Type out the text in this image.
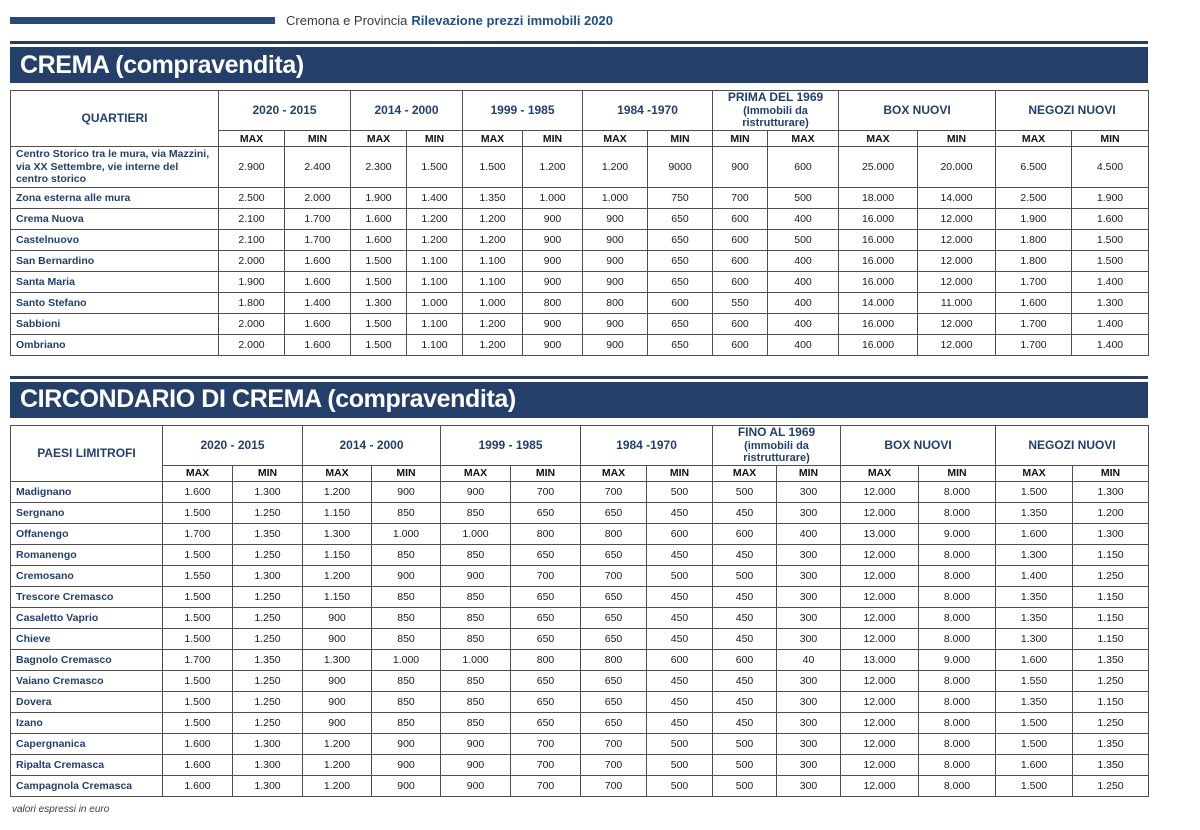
Cremona e Provincia Rilevazione prezzi immobili 2020
CREMA (compravendita)
QUARTIERI	2020 - 2015		2014 - 2000		1999 - 1985		1984 -1970		PRIMA DEL 1969
(Immobili da ristrutturare)		BOX NUOVI		NEGOZI NUOVI	
	MAX	MIN	MAX	MIN	MAX	MIN	MAX	MIN	MIN	MAX	MAX	MIN	MAX	MIN
Centro Storico tra le mura, via Mazzini, via XX Settembre, vie interne del centro storico	2.900	2.400	2.300	1.500	1.500	1.200	1.200	9000	900	600	25.000	20.000	6.500	4.500
Zona esterna alle mura	2.500	2.000	1.900	1.400	1.350	1.000	1.000	750	700	500	18.000	14.000	2.500	1.900
Crema Nuova	2.100	1.700	1.600	1.200	1.200	900	900	650	600	400	16.000	12.000	1.900	1.600
Castelnuovo	2.100	1.700	1.600	1.200	1.200	900	900	650	600	500	16.000	12.000	1.800	1.500
San Bernardino	2.000	1.600	1.500	1.100	1.100	900	900	650	600	400	16.000	12.000	1.800	1.500
Santa Maria	1.900	1.600	1.500	1.100	1.100	900	900	650	600	400	16.000	12.000	1.700	1.400
Santo Stefano	1.800	1.400	1.300	1.000	1.000	800	800	600	550	400	14.000	11.000	1.600	1.300
Sabbioni	2.000	1.600	1.500	1.100	1.200	900	900	650	600	400	16.000	12.000	1.700	1.400
Ombriano	2.000	1.600	1.500	1.100	1.200	900	900	650	600	400	16.000	12.000	1.700	1.400
CIRCONDARIO DI CREMA (compravendita)
PAESI LIMITROFI	2020 - 2015		2014 - 2000		1999 - 1985		1984 -1970		FINO AL 1969
(immobili da ristrutturare)		BOX NUOVI		NEGOZI NUOVI	
	MAX	MIN	MAX	MIN	MAX	MIN	MAX	MIN	MAX	MIN	MAX	MIN	MAX	MIN
Madignano	1.600	1.300	1.200	900	900	700	700	500	500	300	12.000	8.000	1.500	1.300
Sergnano	1.500	1.250	1.150	850	850	650	650	450	450	300	12.000	8.000	1.350	1.200
Offanengo	1.700	1.350	1.300	1.000	1.000	800	800	600	600	400	13.000	9.000	1.600	1.300
Romanengo	1.500	1.250	1.150	850	850	650	650	450	450	300	12.000	8.000	1.300	1.150
Cremosano	1.550	1.300	1.200	900	900	700	700	500	500	300	12.000	8.000	1.400	1.250
Trescore Cremasco	1.500	1.250	1.150	850	850	650	650	450	450	300	12.000	8.000	1.350	1.150
Casaletto Vaprio	1.500	1.250	900	850	850	650	650	450	450	300	12.000	8.000	1.350	1.150
Chieve	1.500	1.250	900	850	850	650	650	450	450	300	12.000	8.000	1.300	1.150
Bagnolo Cremasco	1.700	1.350	1.300	1.000	1.000	800	800	600	600	40	13.000	9.000	1.600	1.350
Vaiano Cremasco	1.500	1.250	900	850	850	650	650	450	450	300	12.000	8.000	1.550	1.250
Dovera	1.500	1.250	900	850	850	650	650	450	450	300	12.000	8.000	1.350	1.150
Izano	1.500	1.250	900	850	850	650	650	450	450	300	12.000	8.000	1.500	1.250
Capergnanica	1.600	1.300	1.200	900	900	700	700	500	500	300	12.000	8.000	1.500	1.350
Ripalta Cremasca	1.600	1.300	1.200	900	900	700	700	500	500	300	12.000	8.000	1.600	1.350
Campagnola Cremasca	1.600	1.300	1.200	900	900	700	700	500	500	300	12.000	8.000	1.500	1.250
valori espressi in euro
